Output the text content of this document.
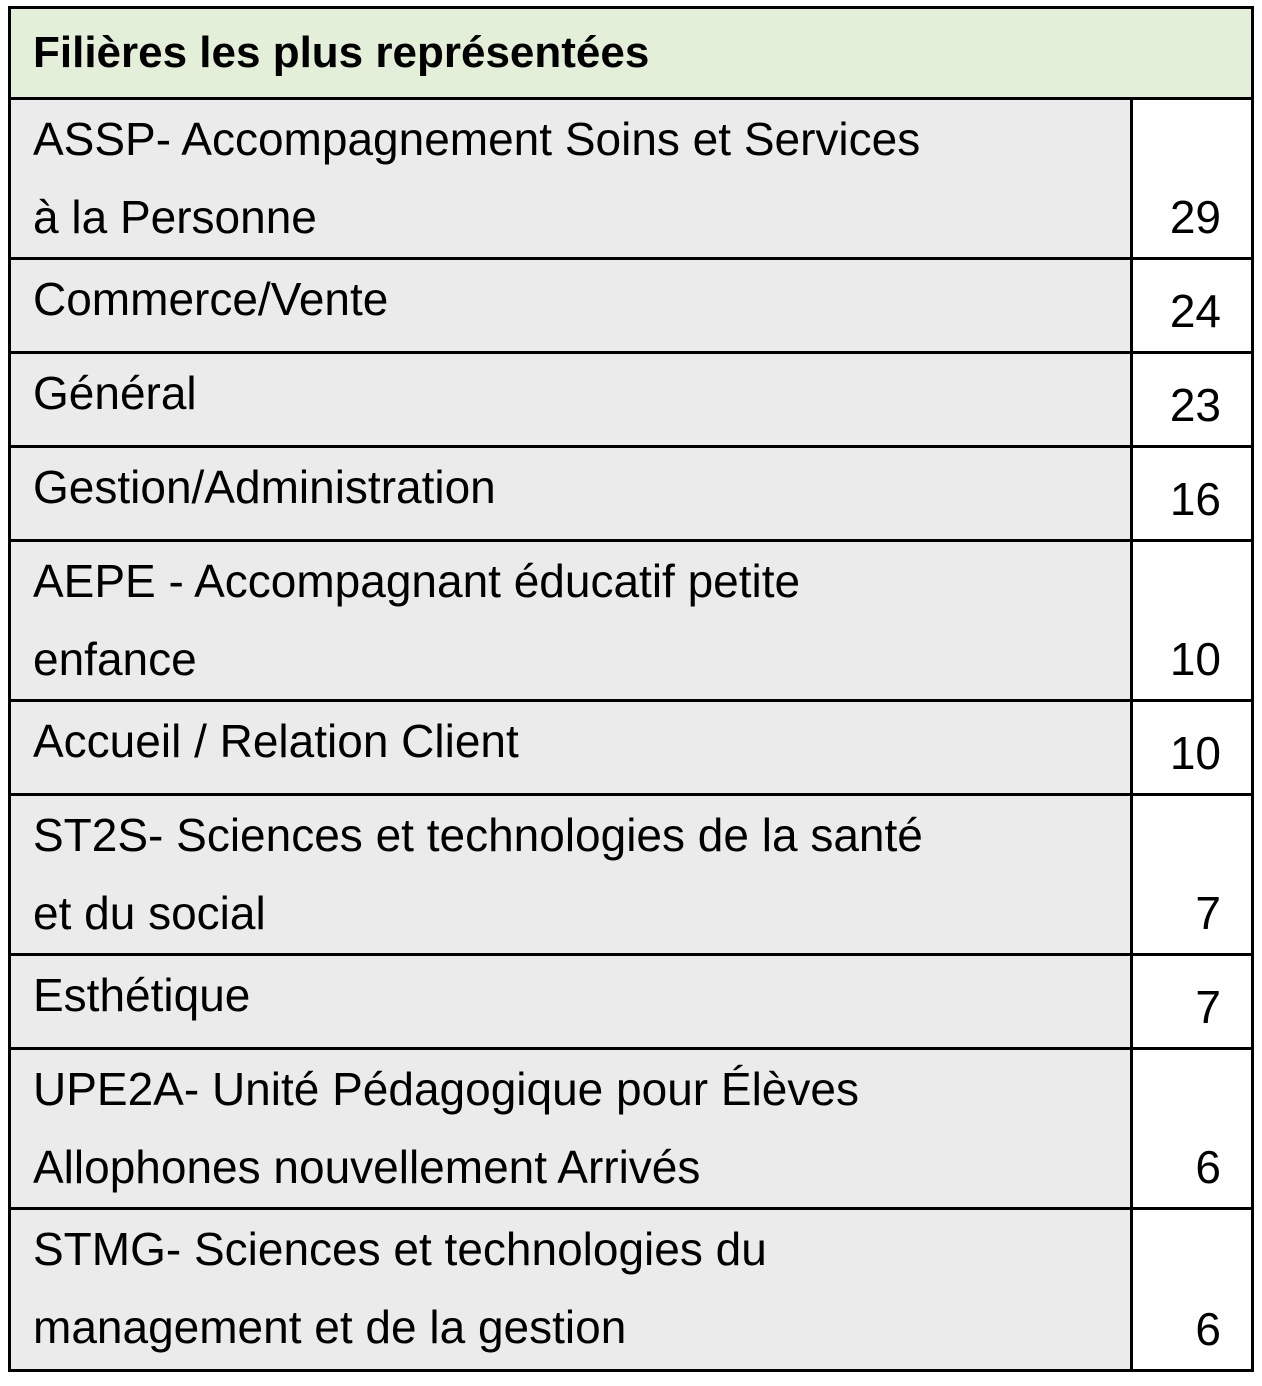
Filières les plus représentées
ASSP- Accompagnement Soins et Services
à la Personne	29
Commerce/Vente	24
Général	23
Gestion/Administration	16
AEPE - Accompagnant éducatif petite
enfance	10
Accueil / Relation Client	10
ST2S- Sciences et technologies de la santé
et du social	7
Esthétique	7
UPE2A- Unité Pédagogique pour Élèves
Allophones nouvellement Arrivés	6
STMG- Sciences et technologies du
management et de la gestion	6
